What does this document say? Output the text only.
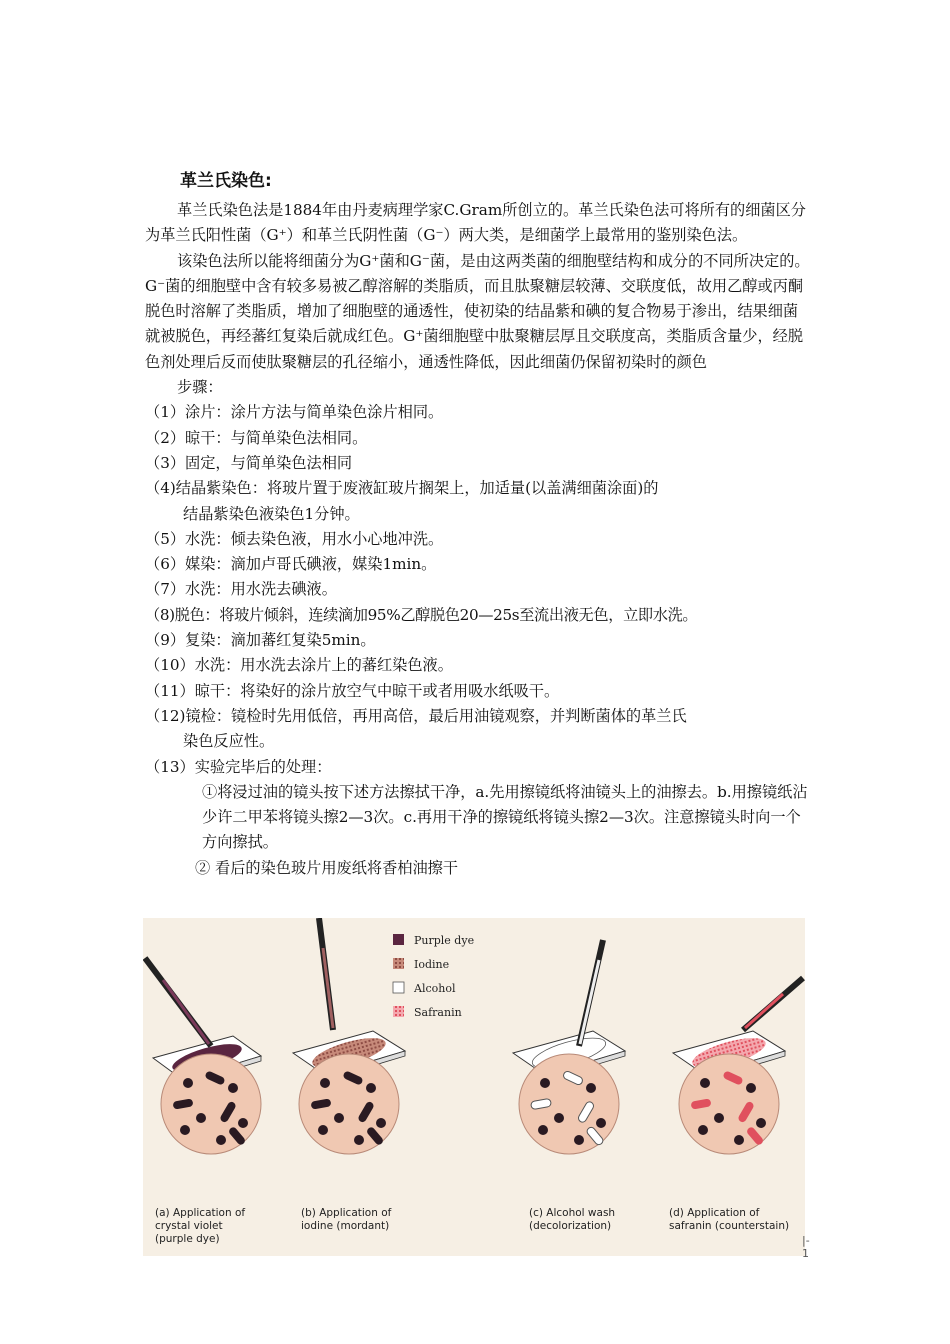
革兰氏染色:

革兰氏染色法是1884年由丹麦病理学家C.Gram所创立的。革兰氏染色法可将所有的细菌区分为革兰氏阳性菌（G⁺）和革兰氏阴性菌（G⁻）两大类，是细菌学上最常用的鉴别染色法。

该染色法所以能将细菌分为G⁺菌和G⁻菌，是由这两类菌的细胞壁结构和成分的不同所决定的。G⁻菌的细胞壁中含有较多易被乙醇溶解的类脂质，而且肽聚糖层较薄、交联度低，故用乙醇或丙酮脱色时溶解了类脂质，增加了细胞壁的通透性，使初染的结晶紫和碘的复合物易于渗出，结果细菌就被脱色，再经蕃红复染后就成红色。G⁺菌细胞壁中肽聚糖层厚且交联度高，类脂质含量少，经脱色剂处理后反而使肽聚糖层的孔径缩小，通透性降低，因此细菌仍保留初染时的颜色

步骤：

（1）涂片：涂片方法与简单染色涂片相同。

（2）晾干：与简单染色法相同。

（3）固定，与简单染色法相同

（4)结晶紫染色：将玻片置于废液缸玻片搁架上，加适量(以盖满细菌涂面)的

结晶紫染色液染色1分钟。

（5）水洗：倾去染色液，用水小心地冲洗。

（6）媒染：滴加卢哥氏碘液，媒染1min。

（7）水洗：用水洗去碘液。

（8)脱色：将玻片倾斜，连续滴加95%乙醇脱色20—25s至流出液无色，立即水洗。

（9）复染：滴加蕃红复染5min。

（10）水洗：用水洗去涂片上的蕃红染色液。

（11）晾干：将染好的涂片放空气中晾干或者用吸水纸吸干。

（12)镜检：镜检时先用低倍，再用高倍，最后用油镜观察，并判断菌体的革兰氏

染色反应性。

（13）实验完毕后的处理：

①将浸过油的镜头按下述方法擦拭干净，a.先用擦镜纸将油镜头上的油擦去。b.用擦镜纸沾少许二甲苯将镜头擦2—3次。c.再用干净的擦镜纸将镜头擦2—3次。注意擦镜头时向一个方向擦拭。

② 看后的染色玻片用废纸将香柏油擦干

Purple dye
Iodine
Alcohol
Safranin
(a) Application of
crystal violet
(purple dye)
(b) Application of
iodine (mordant)
(c) Alcohol wash
(decolorization)
(d) Application of
safranin (counterstain)
|-
1
